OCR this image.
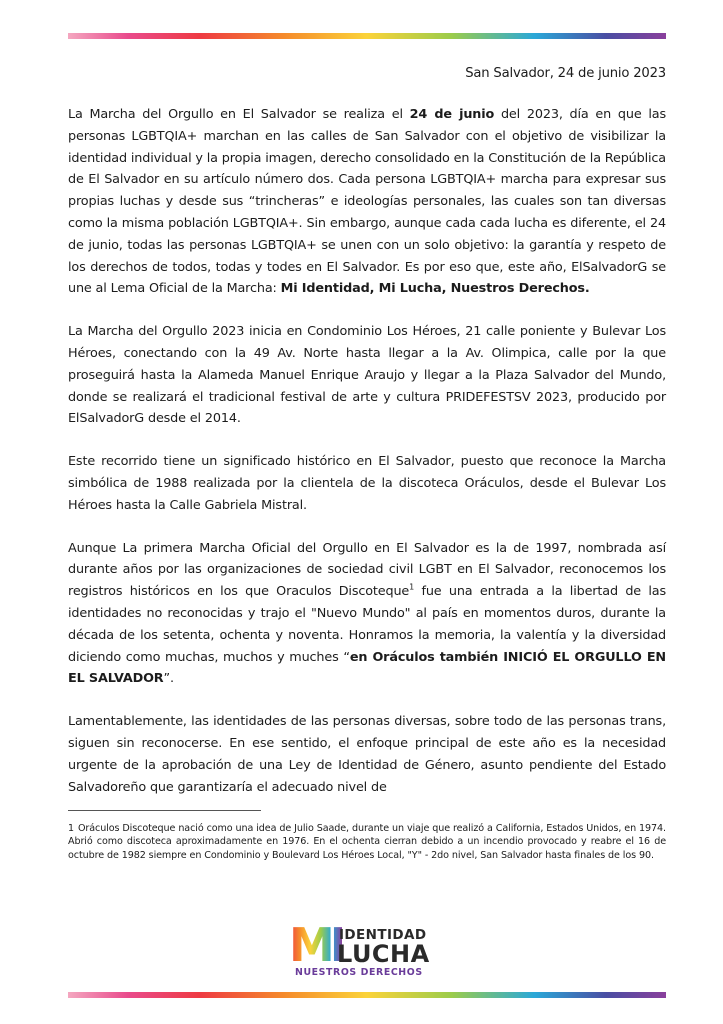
San Salvador, 24 de junio 2023

La Marcha del Orgullo en El Salvador se realiza el 24 de junio del 2023, día en que las personas LGBTQIA+ marchan en las calles de San Salvador con el objetivo de visibilizar la identidad individual y la propia imagen, derecho consolidado en la Constitución de la República de El Salvador en su artículo número dos. Cada persona LGBTQIA+ marcha para expresar sus propias luchas y desde sus “trincheras” e ideologías personales, las cuales son tan diversas como la misma población LGBTQIA+. Sin embargo, aunque cada cada lucha es diferente, el 24 de junio, todas las personas LGBTQIA+ se unen con un solo objetivo: la garantía y respeto de los derechos de todos, todas y todes en El Salvador. Es por eso que, este año, ElSalvadorG se une al Lema Oficial de la Marcha: Mi Identidad, Mi Lucha, Nuestros Derechos.

La Marcha del Orgullo 2023 inicia en Condominio Los Héroes, 21 calle poniente y Bulevar Los Héroes, conectando con la 49 Av. Norte hasta llegar a la Av. Olimpica, calle por la que proseguirá hasta la Alameda Manuel Enrique Araujo y llegar a la Plaza Salvador del Mundo, donde se realizará el tradicional festival de arte y cultura PRIDEFESTSV 2023, producido por ElSalvadorG desde el 2014.

Este recorrido tiene un significado histórico en El Salvador, puesto que reconoce la Marcha simbólica de 1988 realizada por la clientela de la discoteca Oráculos, desde el Bulevar Los Héroes hasta la Calle Gabriela Mistral.

Aunque La primera Marcha Oficial del Orgullo en El Salvador es la de 1997, nombrada así durante años por las organizaciones de sociedad civil LGBT en El Salvador, reconocemos los registros históricos en los que Oraculos Discoteque$^1$ fue una entrada a la libertad de las identidades no reconocidas y trajo el "Nuevo Mundo" al país en momentos duros, durante la década de los setenta, ochenta y noventa. Honramos la memoria, la valentía y la diversidad diciendo como muchas, muchos y muches “en Oráculos también INICIÓ EL ORGULLO EN EL SALVADOR”.

Lamentablemente, las identidades de las personas diversas, sobre todo de las personas trans, siguen sin reconocerse. En ese sentido, el enfoque principal de este año es la necesidad urgente de la aprobación de una Ley de Identidad de Género, asunto pendiente del Estado Salvadoreño que garantizaría el adecuado nivel de

1 Oráculos Discoteque nació como una idea de Julio Saade, durante un viaje que realizó a California, Estados Unidos, en 1974. Abrió como discoteca aproximadamente en 1976. En el ochenta cierran debido a un incendio provocado y reabre el 16 de octubre de 1982 siempre en Condominio y Boulevard Los Héroes Local, "Y" - 2do nivel, San Salvador hasta finales de los 90.

MI
IDENTIDAD
LUCHA
NUESTROS DERECHOS
